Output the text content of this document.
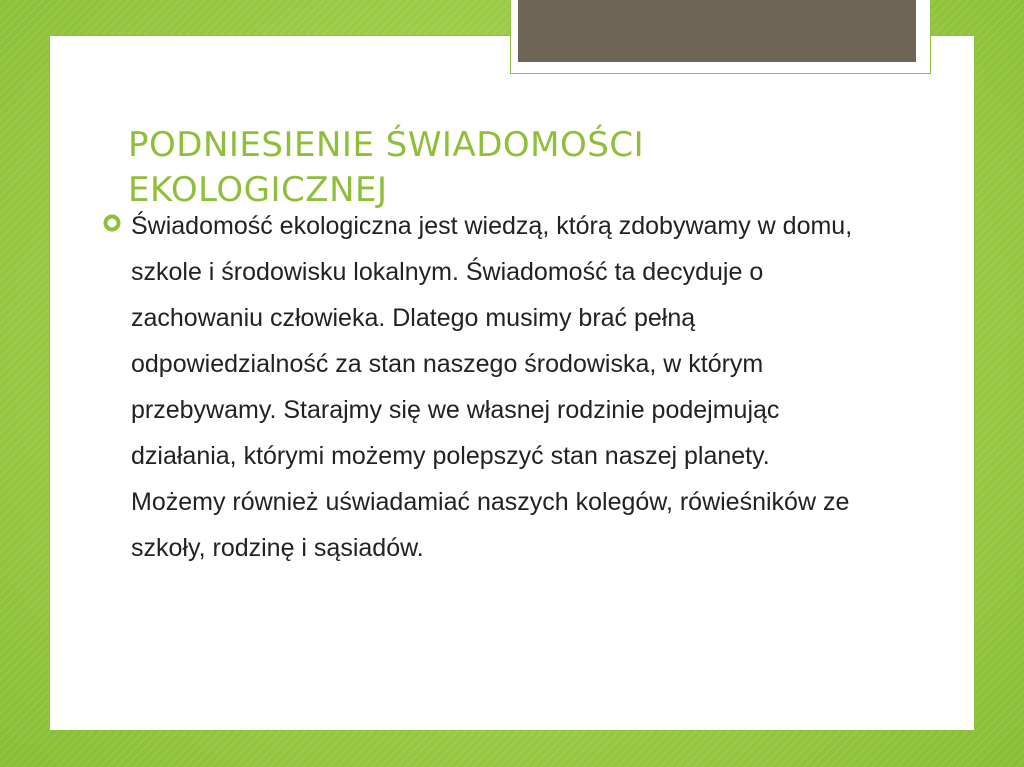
PODNIESIENIE ŚWIADOMOŚCI EKOLOGICZNEJ

Świadomość ekologiczna jest wiedzą, którą zdobywamy w domu, szkole i środowisku lokalnym. Świadomość ta decyduje o zachowaniu człowieka. Dlatego musimy brać pełną odpowiedzialność za stan naszego środowiska, w którym przebywamy. Starajmy się we własnej rodzinie podejmując działania, którymi możemy polepszyć stan naszej planety. Możemy również uświadamiać naszych kolegów, rówieśników ze szkoły, rodzinę i sąsiadów.
